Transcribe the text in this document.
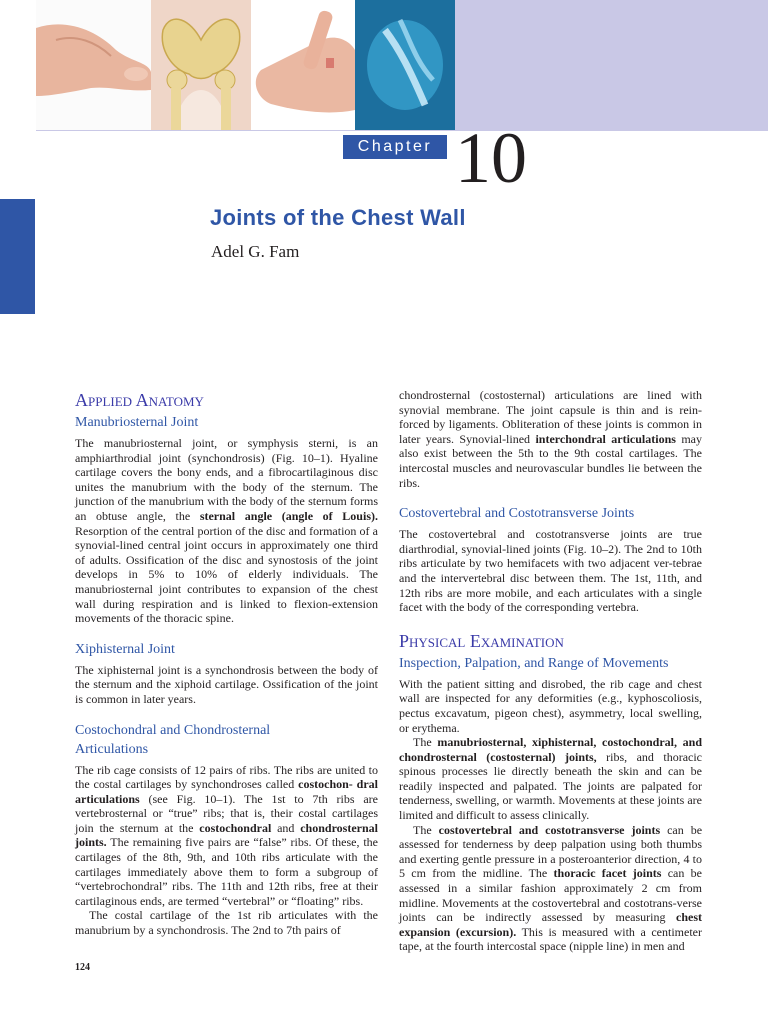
Chapter 10
Joints of the Chest Wall
Adel G. Fam
Applied Anatomy
Manubriosternal Joint

The manubriosternal joint, or symphysis sterni, is an amphiarthrodial joint (synchondrosis) (Fig. 10–1). Hyaline cartilage covers the bony ends, and a fibrocartilaginous disc unites the manubrium with the body of the sternum. The junction of the manubrium with the body of the sternum forms an obtuse angle, the sternal angle (angle of Louis). Resorption of the central portion of the disc and formation of a synovial-lined central joint occurs in approximately one third of adults. Ossification of the disc and synostosis of the joint develops in 5% to 10% of elderly individuals. The manubriosternal joint contributes to expansion of the chest wall during respiration and is linked to flexion-extension movements of the thoracic spine.

Xiphisternal Joint

The xiphisternal joint is a synchondrosis between the body of the sternum and the xiphoid cartilage. Ossification of the joint is common in later years.

Costochondral and Chondrosternal
Articulations

The rib cage consists of 12 pairs of ribs. The ribs are united to the costal cartilages by synchondroses called costochon- dral articulations (see Fig. 10–1). The 1st to 7th ribs are vertebrosternal or “true” ribs; that is, their costal cartilages join the sternum at the costochondral and chondrosternal joints. The remaining five pairs are “false” ribs. Of these, the cartilages of the 8th, 9th, and 10th ribs articulate with the cartilages immediately above them to form a subgroup of “vertebrochondral” ribs. The 11th and 12th ribs, free at their cartilaginous ends, are termed “vertebral” or “floating” ribs.

The costal cartilage of the 1st rib articulates with the manubrium by a synchondrosis. The 2nd to 7th pairs of

chondrosternal (costosternal) articulations are lined with synovial membrane. The joint capsule is thin and is rein-forced by ligaments. Obliteration of these joints is common in later years. Synovial-lined interchondral articulations may also exist between the 5th to the 9th costal cartilages. The intercostal muscles and neurovascular bundles lie between the ribs.

Costovertebral and Costotransverse Joints

The costovertebral and costotransverse joints are true diarthrodial, synovial-lined joints (Fig. 10–2). The 2nd to 10th ribs articulate by two hemifacets with two adjacent ver-tebrae and the intervertebral disc between them. The 1st, 11th, and 12th ribs are more mobile, and each articulates with a single facet with the body of the corresponding vertebra.

Physical Examination
Inspection, Palpation, and Range of Movements

With the patient sitting and disrobed, the rib cage and chest wall are inspected for any deformities (e.g., kyphoscoliosis, pectus excavatum, pigeon chest), asymmetry, local swelling, or erythema.

The manubriosternal, xiphisternal, costochondral, and chondrosternal (costosternal) joints, ribs, and thoracic spinous processes lie directly beneath the skin and can be readily inspected and palpated. The joints are palpated for tenderness, swelling, or warmth. Movements at these joints are limited and difficult to assess clinically.

The costovertebral and costotransverse joints can be assessed for tenderness by deep palpation using both thumbs and exerting gentle pressure in a posteroanterior direction, 4 to 5 cm from the midline. The thoracic facet joints can be assessed in a similar fashion approximately 2 cm from midline. Movements at the costovertebral and costotrans-verse joints can be indirectly assessed by measuring chest expansion (excursion). This is measured with a centimeter tape, at the fourth intercostal space (nipple line) in men and

124
